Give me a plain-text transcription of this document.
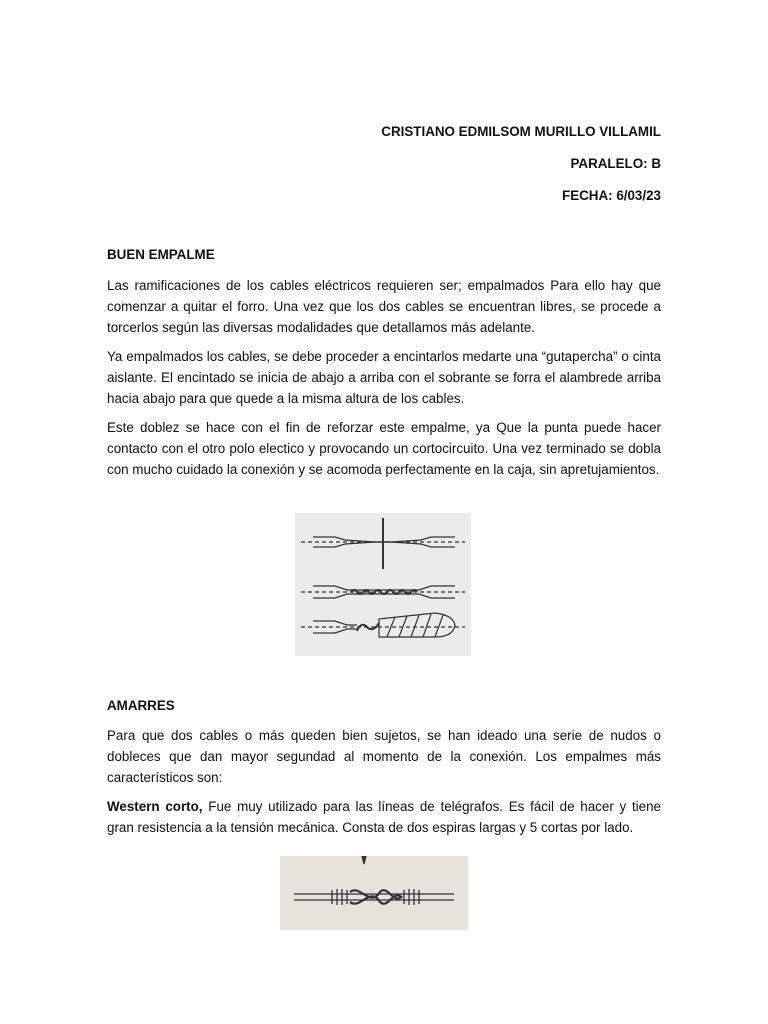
CRISTIANO EDMILSOM MURILLO VILLAMIL
PARALELO: B
FECHA: 6/03/23

BUEN EMPALME

Las ramificaciones de los cables eléctricos requieren ser; empalmados Para ello hay que comenzar a quitar el forro. Una vez que los dos cables se encuentran libres, se procede a torcerlos según las diversas modalidades que detallamos más adelante.

Ya empalmados los cables, se debe proceder a encintarlos medarte una “gutapercha” o cinta aislante. El encintado se inicia de abajo a arriba con el sobrante se forra el alambrede arriba hacia abajo para que quede a la misma altura de los cables.

Este doblez se hace con el fin de reforzar este empalme, ya Que la punta puede hacer contacto con el otro polo electico y provocando un cortocircuito. Una vez terminado se dobla con mucho cuidado la conexión y se acomoda perfectamente en la caja, sin apretujamientos.

AMARRES

Para que dos cables o más queden bien sujetos, se han ideado una serie de nudos o dobleces que dan mayor segundad al momento de la conexión. Los empalmes más característicos son:

Western corto, Fue muy utilizado para las líneas de telégrafos. Es fácil de hacer y tiene gran resistencia a la tensión mecánica. Consta de dos espiras largas y 5 cortas por lado.
